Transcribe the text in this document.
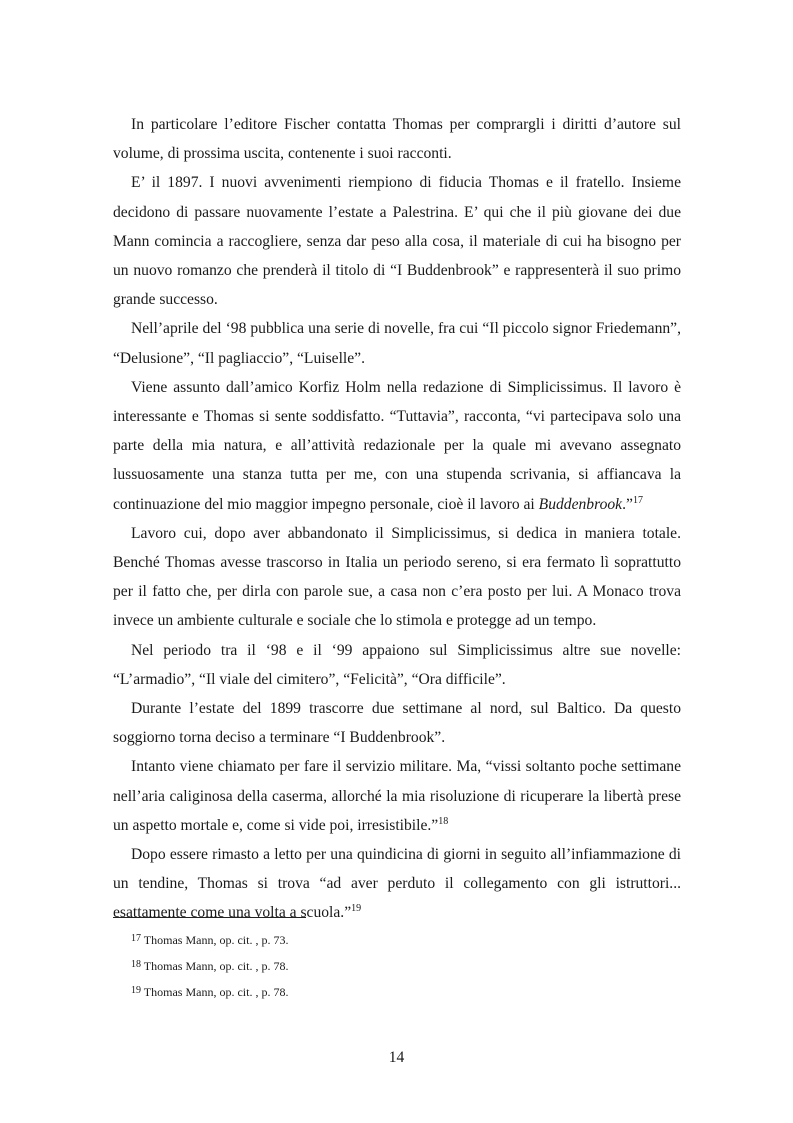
In particolare l’editore Fischer contatta Thomas per comprargli i diritti d’autore sul volume, di prossima uscita, contenente i suoi racconti.

E’ il 1897. I nuovi avvenimenti riempiono di fiducia Thomas e il fratello. Insieme decidono di passare nuovamente l’estate a Palestrina. E’ qui che il più giovane dei due Mann comincia a raccogliere, senza dar peso alla cosa, il materiale di cui ha bisogno per un nuovo romanzo che prenderà il titolo di “I Buddenbrook” e rappresenterà il suo primo grande successo.

Nell’aprile del ‘98 pubblica una serie di novelle, fra cui “Il piccolo signor Friedemann”, “Delusione”, “Il pagliaccio”, “Luiselle”.

Viene assunto dall’amico Korfiz Holm nella redazione di Simplicissimus. Il lavoro è interessante e Thomas si sente soddisfatto. “Tuttavia”, racconta, “vi partecipava solo una parte della mia natura, e all’attività redazionale per la quale mi avevano assegnato lussuosamente una stanza tutta per me, con una stupenda scrivania, si affiancava la continuazione del mio maggior impegno personale, cioè il lavoro ai Buddenbrook.”$^{17}$

Lavoro cui, dopo aver abbandonato il Simplicissimus, si dedica in maniera totale. Benché Thomas avesse trascorso in Italia un periodo sereno, si era fermato lì soprattutto per il fatto che, per dirla con parole sue, a casa non c’era posto per lui. A Monaco trova invece un ambiente culturale e sociale che lo stimola e protegge ad un tempo.

Nel periodo tra il ‘98 e il ‘99 appaiono sul Simplicissimus altre sue novelle: “L’armadio”, “Il viale del cimitero”, “Felicità”, “Ora difficile”.

Durante l’estate del 1899 trascorre due settimane al nord, sul Baltico. Da questo soggiorno torna deciso a terminare “I Buddenbrook”.

Intanto viene chiamato per fare il servizio militare. Ma, “vissi soltanto poche settimane nell’aria caliginosa della caserma, allorché la mia risoluzione di ricuperare la libertà prese un aspetto mortale e, come si vide poi, irresistibile.”$^{18}$

Dopo essere rimasto a letto per una quindicina di giorni in seguito all’infiammazione di un tendine, Thomas si trova “ad aver perduto il collegamento con gli istruttori... esattamente come una volta a scuola.”$^{19}$

$^{17}$ Thomas Mann, op. cit. , p. 73.

$^{18}$ Thomas Mann, op. cit. , p. 78.

$^{19}$ Thomas Mann, op. cit. , p. 78.

14
